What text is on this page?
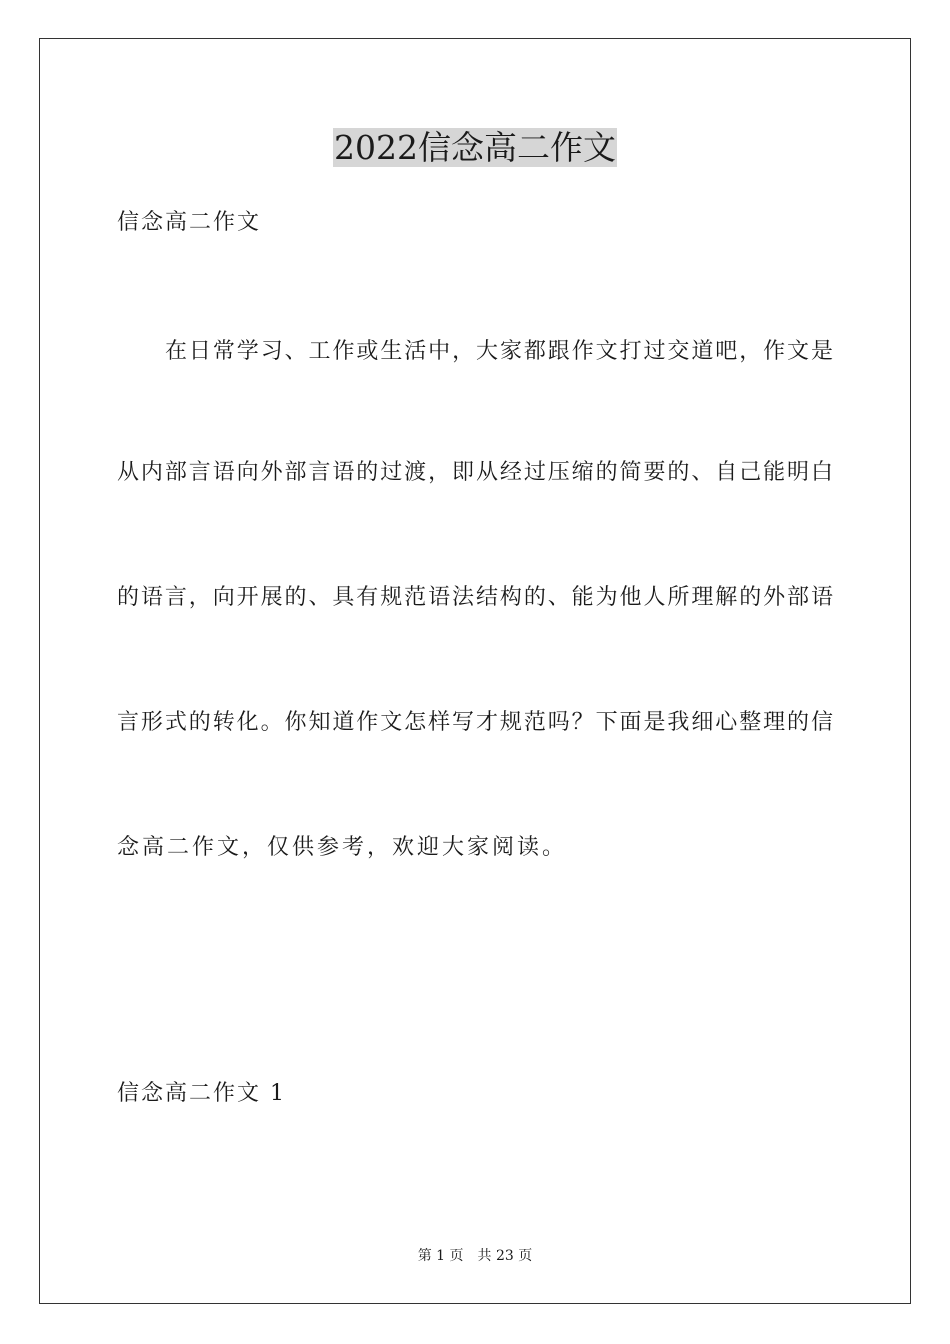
2022信念高二作文

信念高二作文

在日常学习、工作或生活中，大家都跟作文打过交道吧，作文是

从内部言语向外部言语的过渡，即从经过压缩的简要的、自己能明白

的语言，向开展的、具有规范语法结构的、能为他人所理解的外部语

言形式的转化。你知道作文怎样写才规范吗？下面是我细心整理的信

念高二作文，仅供参考，欢迎大家阅读。

信念高二作文 1

第 1 页　共 23 页
